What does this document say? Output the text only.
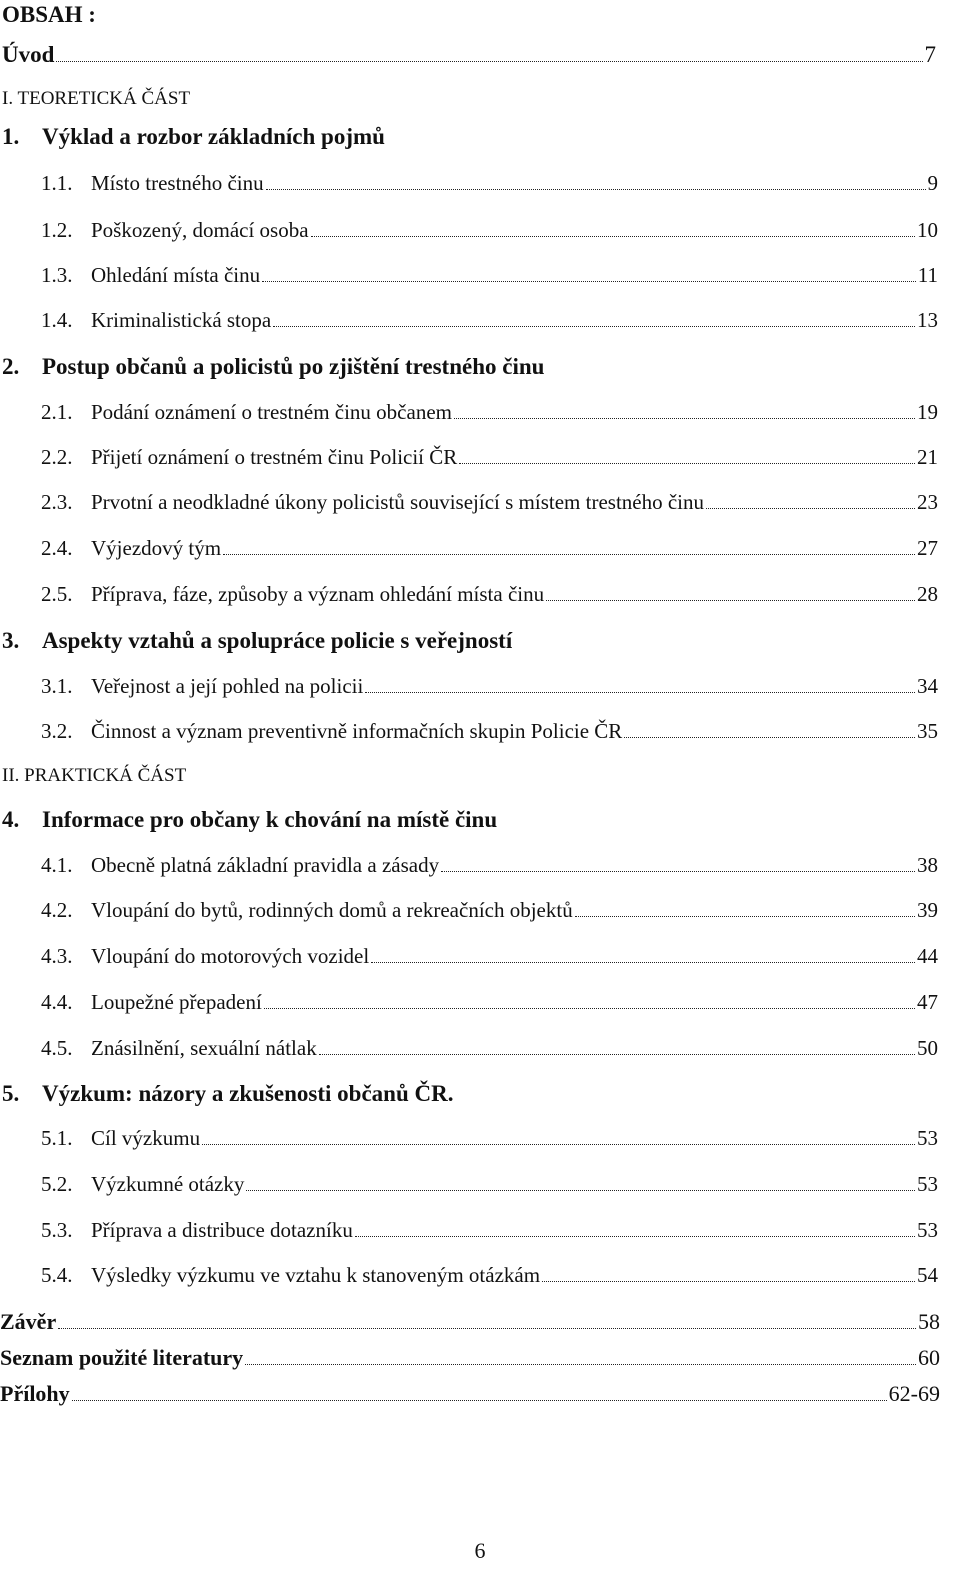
OBSAH :
Úvod	7
I. TEORETICKÁ ČÁST
1. Výklad a rozbor základních pojmů
1.1. Místo trestného činu	9
1.2. Poškozený, domácí osoba	10
1.3. Ohledání místa činu	11
1.4. Kriminalistická stopa	13
2. Postup občanů a policistů po zjištění trestného činu
2.1. Podání oznámení o trestném činu občanem	19
2.2. Přijetí oznámení o trestném činu Policií ČR	21
2.3. Prvotní a neodkladné úkony policistů související s místem trestného činu	23
2.4. Výjezdový tým	27
2.5. Příprava, fáze, způsoby a význam ohledání místa činu	28
3. Aspekty vztahů a spolupráce policie s veřejností
3.1. Veřejnost a její pohled na policii	34
3.2. Činnost a význam preventivně informačních skupin Policie ČR	35
II. PRAKTICKÁ ČÁST
4. Informace pro občany k chování na místě činu
4.1. Obecně platná základní pravidla a zásady	38
4.2. Vloupání do bytů, rodinných domů a rekreačních objektů	39
4.3. Vloupání do motorových vozidel	44
4.4. Loupežné přepadení	47
4.5. Znásilnění, sexuální nátlak	50
5. Výzkum: názory a zkušenosti občanů ČR.
5.1. Cíl výzkumu	53
5.2. Výzkumné otázky	53
5.3. Příprava a distribuce dotazníku	53
5.4. Výsledky výzkumu ve vztahu k stanoveným otázkám	54
Závěr	58
Seznam použité literatury	60
Přílohy	62-69
6
